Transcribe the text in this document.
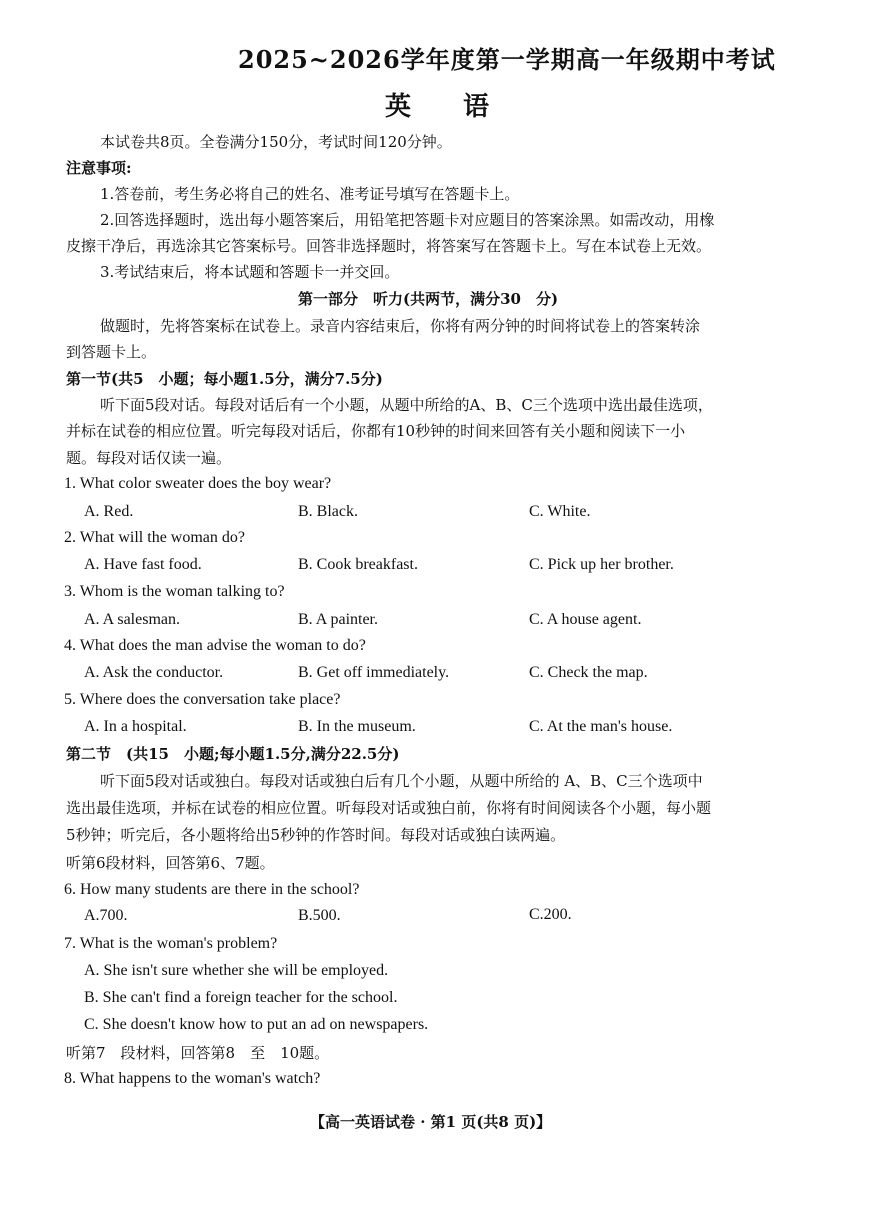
2025~2026学年度第一学期高一年级期中考试
英 语
本试卷共8页。全卷满分150分，考试时间120分钟。
注意事项:
1.答卷前，考生务必将自己的姓名、准考证号填写在答题卡上。
2.回答选择题时，选出每小题答案后，用铅笔把答题卡对应题目的答案涂黑。如需改动，用橡
皮擦干净后，再选涂其它答案标号。回答非选择题时，将答案写在答题卡上。写在本试卷上无效。
3.考试结束后，将本试题和答题卡一并交回。
第一部分　听力(共两节，满分30　分)
做题时，先将答案标在试卷上。录音内容结束后，你将有两分钟的时间将试卷上的答案转涂
到答题卡上。
第一节(共5　小题；每小题1.5分，满分7.5分)
听下面5段对话。每段对话后有一个小题，从题中所给的A、B、C三个选项中选出最佳选项，
并标在试卷的相应位置。听完每段对话后，你都有10秒钟的时间来回答有关小题和阅读下一小
题。每段对话仅读一遍。
1. What color sweater does the boy wear?
A. Red.	B. Black.	C. White.
2. What will the woman do?
A. Have fast food.	B. Cook breakfast.	C. Pick up her brother.
3. Whom is the woman talking to?
A. A salesman.	B. A painter.	C. A house agent.
4. What does the man advise the woman to do?
A. Ask the conductor.	B. Get off immediately.	C. Check the map.
5. Where does the conversation take place?
A. In a hospital.	B. In the museum.	C. At the man's house.
第二节　(共15　小题;每小题1.5分,满分22.5分)
听下面5段对话或独白。每段对话或独白后有几个小题，从题中所给的 A、B、C三个选项中
选出最佳选项，并标在试卷的相应位置。听每段对话或独白前，你将有时间阅读各个小题，每小题
5秒钟；听完后，各小题将给出5秒钟的作答时间。每段对话或独白读两遍。
听第6段材料，回答第6、7题。
6. How many students are there in the school?
A.700.	B.500.	C.200.
7. What is the woman's problem?
A. She isn't sure whether she will be employed.
B. She can't find a foreign teacher for the school.
C. She doesn't know how to put an ad on newspapers.
听第7　段材料，回答第8　至　10题。
8. What happens to the woman's watch?
【高一英语试卷 · 第1 页(共8 页)】
